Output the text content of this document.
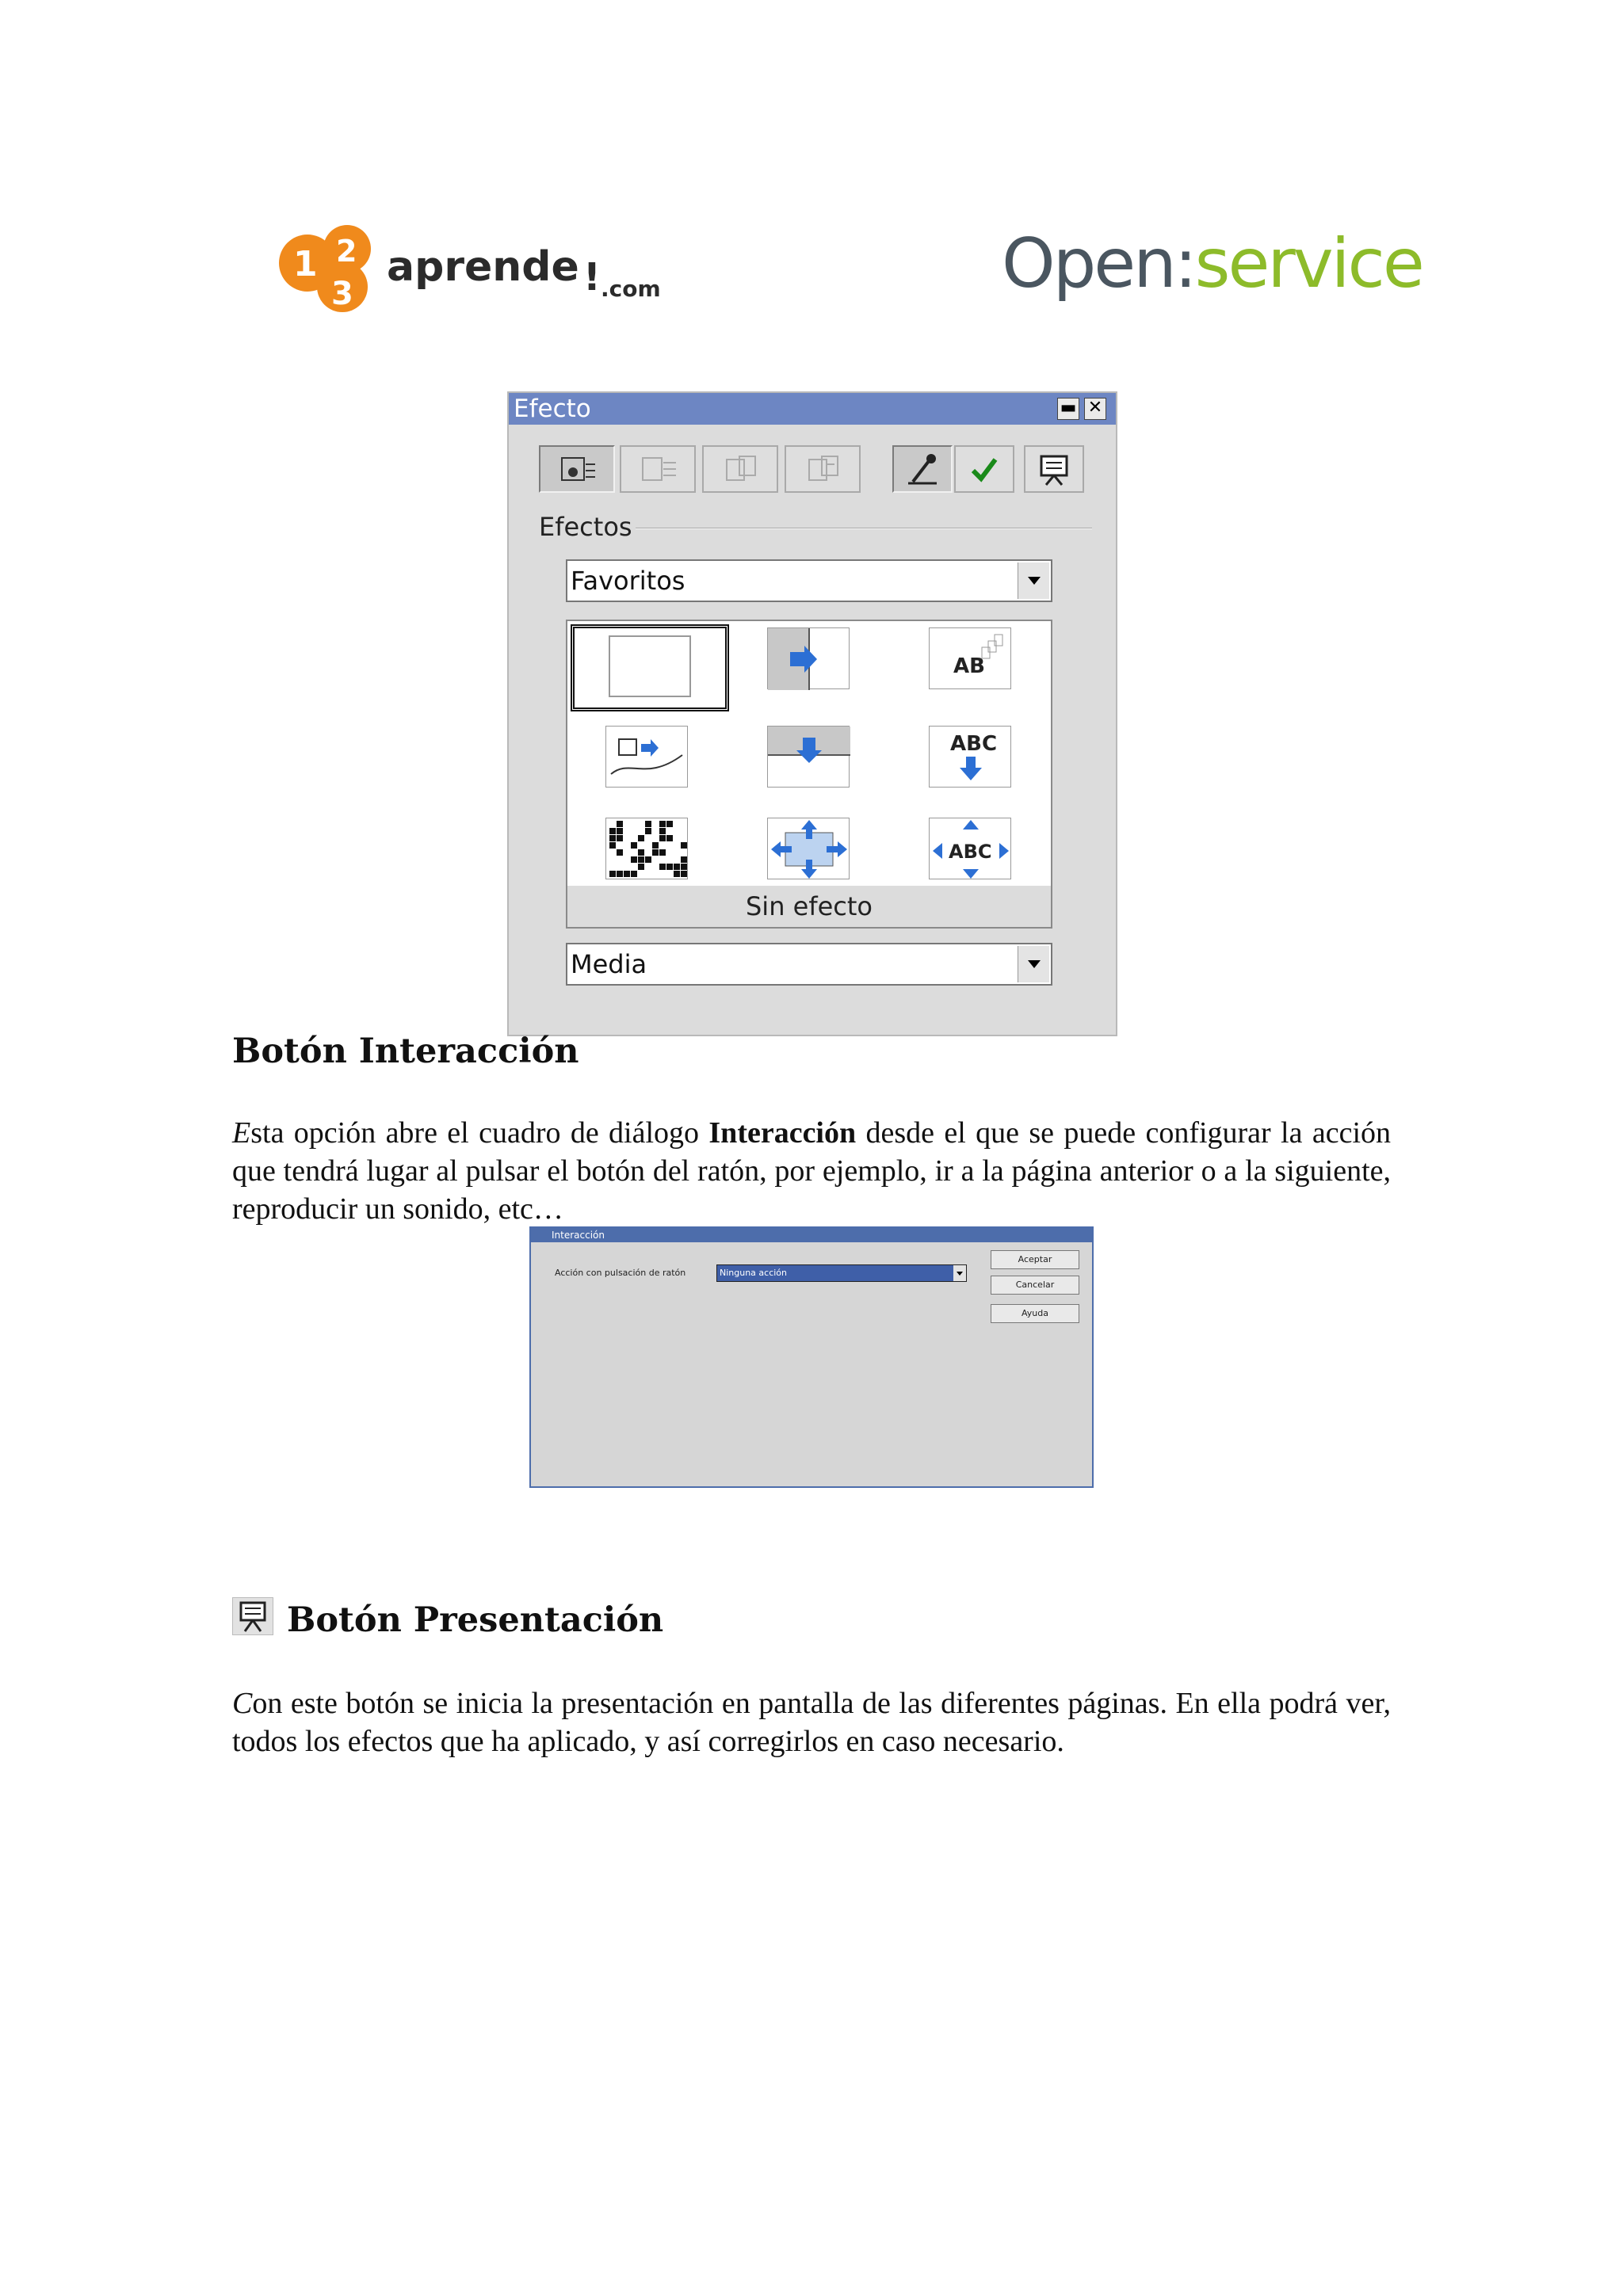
1 2
3
aprende ! .com	Open:service
Efecto	▬ ✕
Efectos
Favoritos
AB
ABC
ABC
Sin efecto
Media
Botón Interacción
Esta opción abre el cuadro de diálogo Interacción desde el que se puede configurar la acción que tendrá lugar al pulsar el botón del ratón, por ejemplo, ir a la página anterior o a la siguiente, reproducir un sonido, etc…
Interacción
Acción con pulsación de ratón	Ninguna acción
Aceptar
Cancelar
Ayuda
Botón Presentación
Con este botón se inicia la presentación en pantalla de las diferentes páginas. En ella podrá ver, todos los efectos que ha aplicado, y así corregirlos en caso necesario.
